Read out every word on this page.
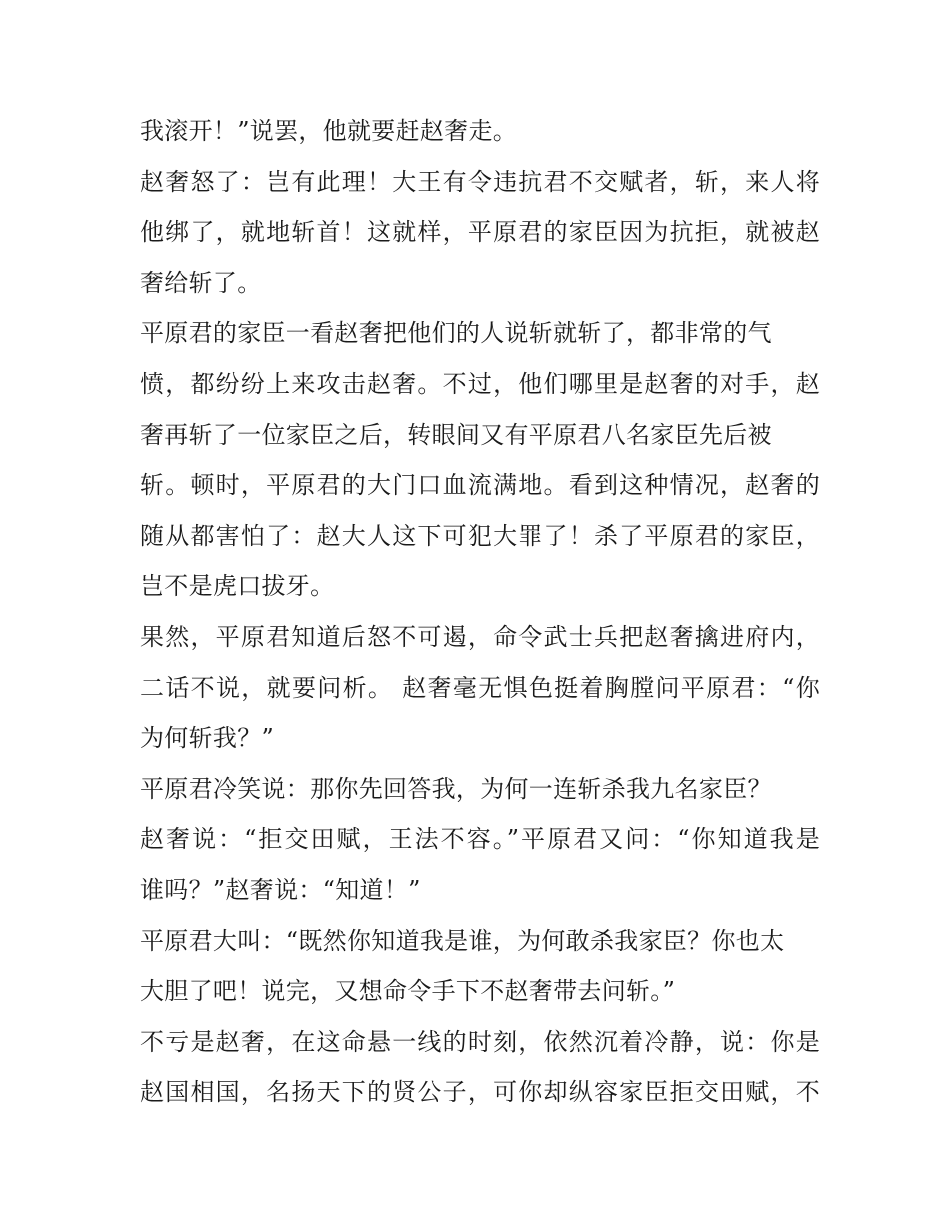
我滚开！”说罢，他就要赶赵奢走。
赵奢怒了：岂有此理！大王有令违抗君不交赋者，斩，来人将
他绑了，就地斩首！这就样，平原君的家臣因为抗拒，就被赵
奢给斩了。
平原君的家臣一看赵奢把他们的人说斩就斩了，都非常的气
愤，都纷纷上来攻击赵奢。不过，他们哪里是赵奢的对手，赵
奢再斩了一位家臣之后，转眼间又有平原君八名家臣先后被
斩。顿时，平原君的大门口血流满地。看到这种情况，赵奢的
随从都害怕了：赵大人这下可犯大罪了！杀了平原君的家臣，
岂不是虎口拔牙。
果然，平原君知道后怒不可遏，命令武士兵把赵奢擒进府内，
二话不说，就要问析。 赵奢毫无惧色挺着胸膛问平原君：“你
为何斩我？”
平原君冷笑说：那你先回答我，为何一连斩杀我九名家臣？
赵奢说：“拒交田赋，王法不容。”平原君又问：“你知道我是
谁吗？”赵奢说：“知道！”
平原君大叫：“既然你知道我是谁，为何敢杀我家臣？你也太
大胆了吧！说完，又想命令手下不赵奢带去问斩。”
不亏是赵奢，在这命悬一线的时刻，依然沉着冷静，说：你是
赵国相国，名扬天下的贤公子，可你却纵容家臣拒交田赋，不
